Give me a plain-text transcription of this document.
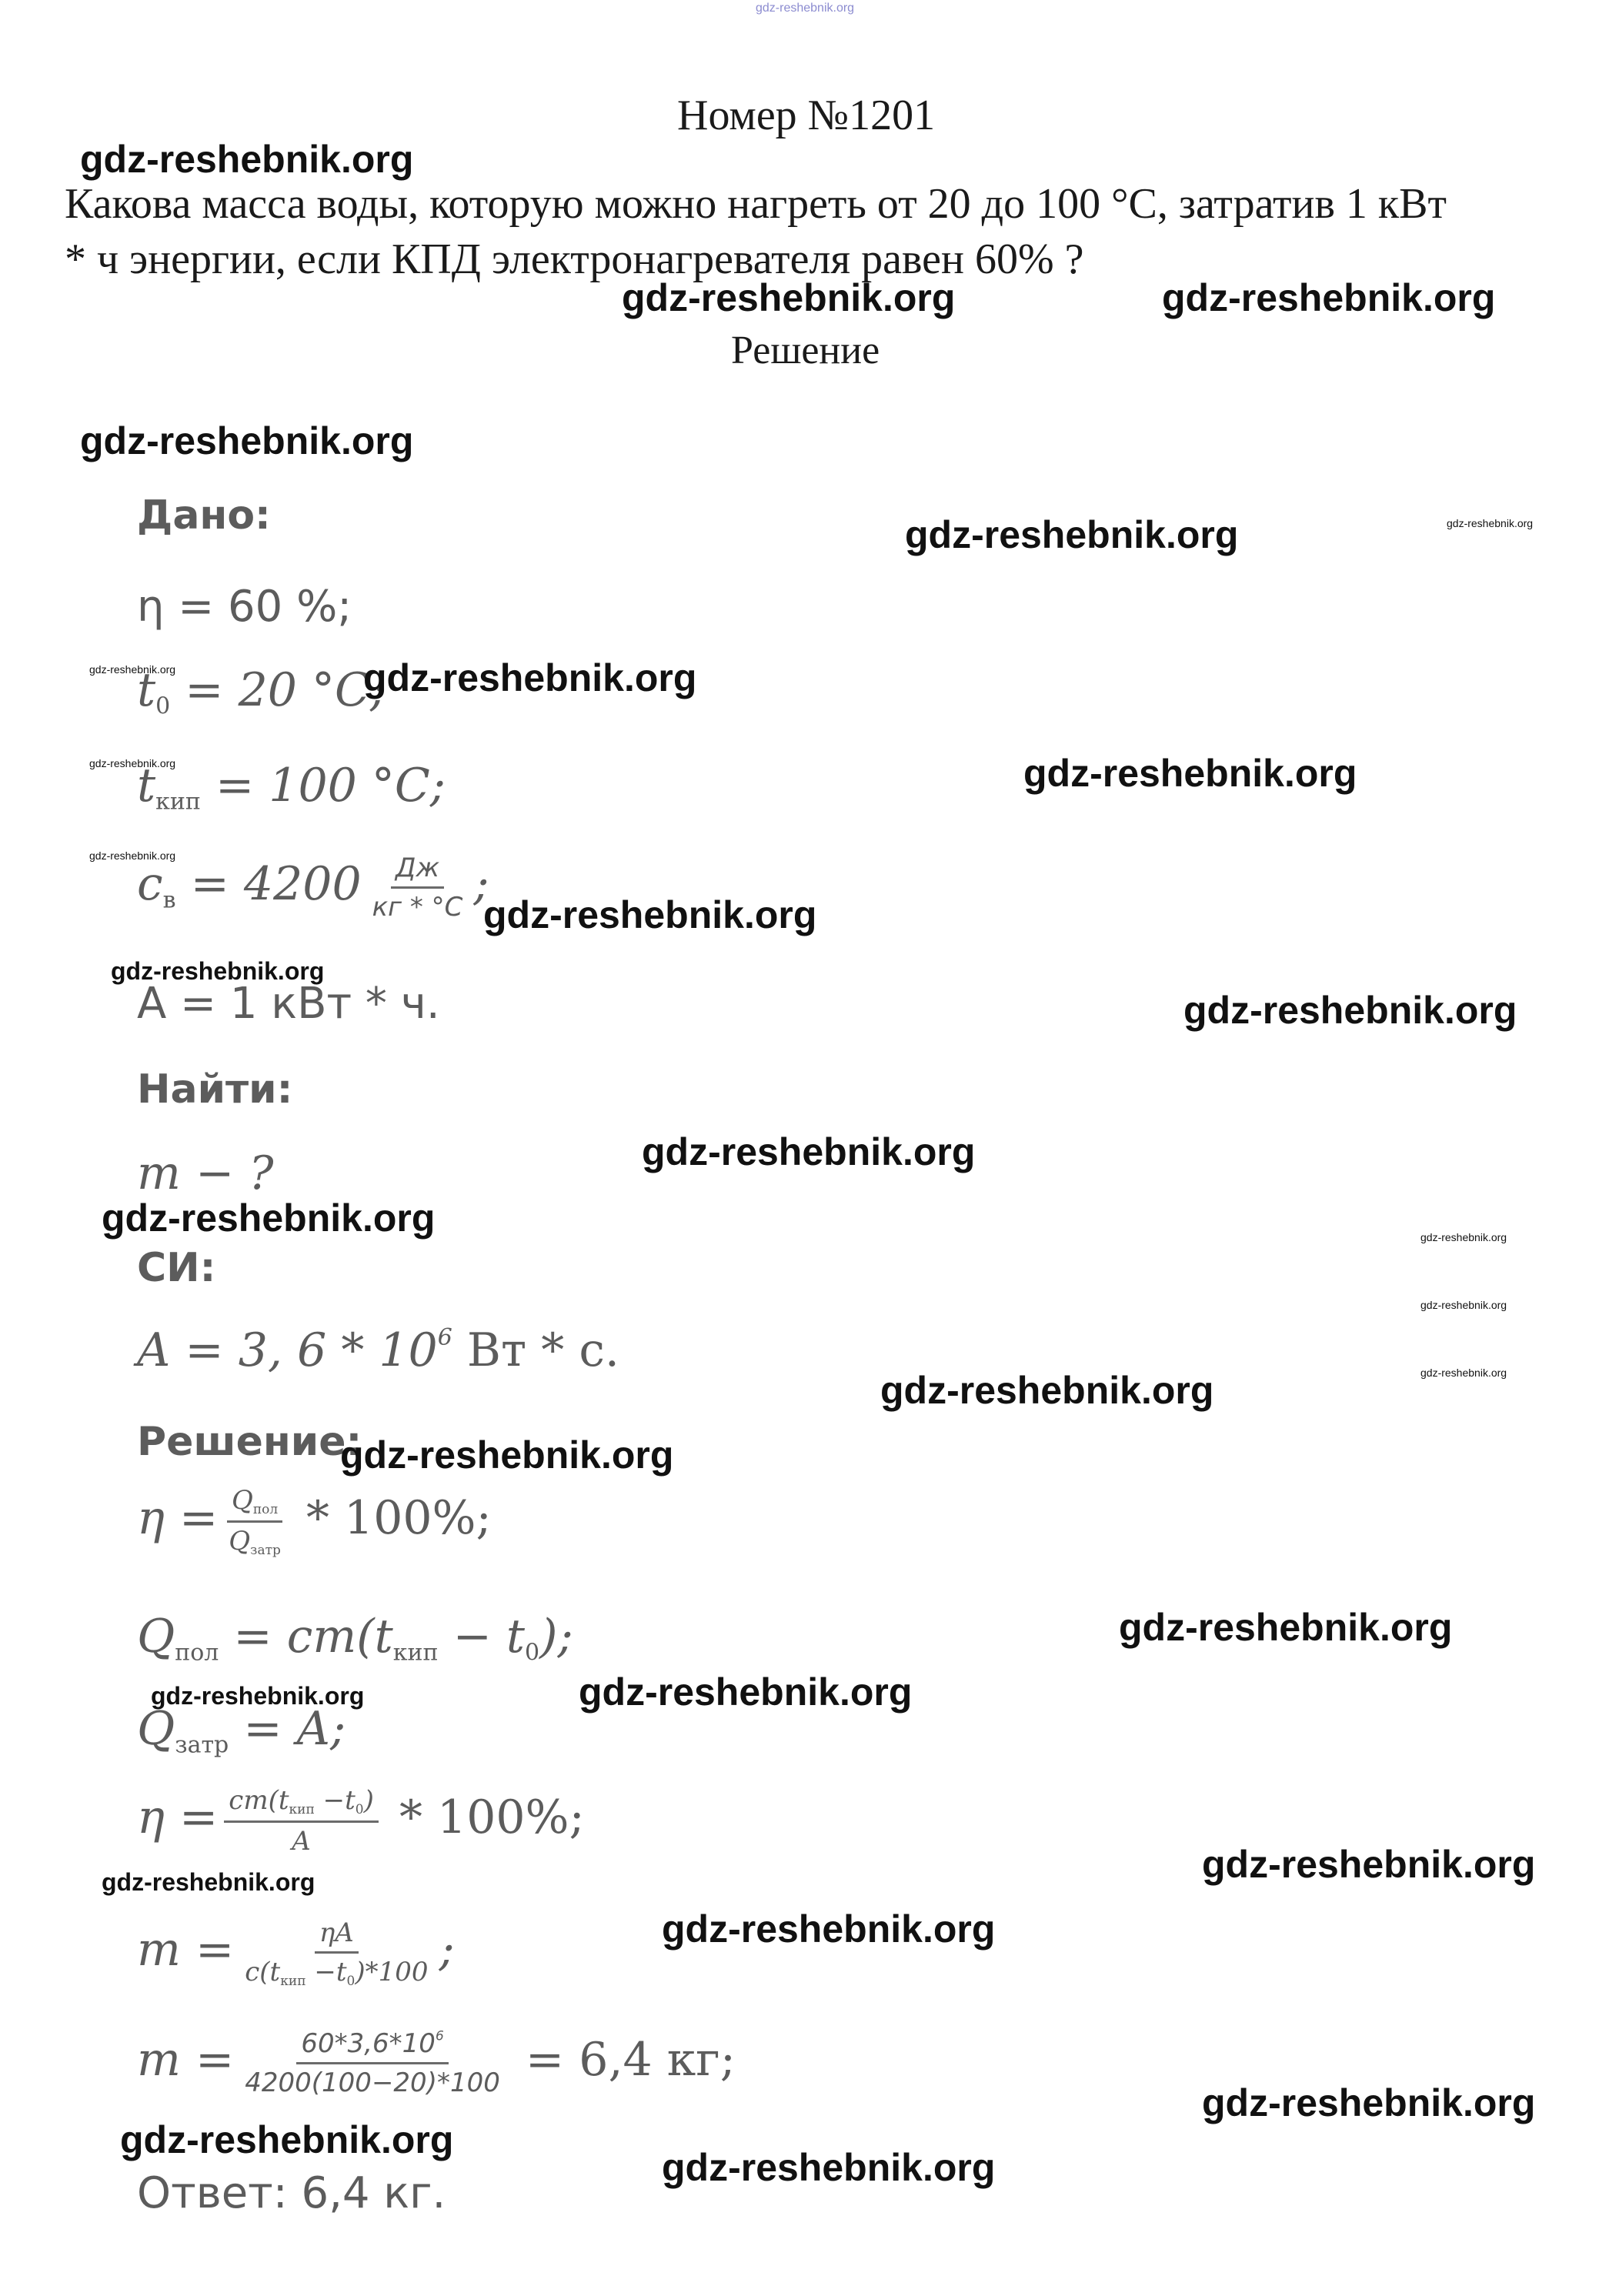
gdz-reshebnik.org
Номер №1201
Какова масса воды, которую можно нагреть от 20 до 100 °С, затратив 1 кВт
* ч энергии, если КПД электронагревателя равен 60% ?
Решение
Дано:
η = 60 %;
$t_0 = 20$ °С;
$t_{кип} = 100$ °С;
$c_в = 4200 \frac{Дж}{кг * ^\circ С}$ ;
А = 1 кВт * ч.
Найти:
m − ?
СИ:
A = 3, $6 * 10^6$ Вт * с.
Решение:
$\eta = \frac{Q_{пол}}{Q_{затр}} * 100\%$;
$Q_{пол} = cm(t_{кип} - t_0)$;
$Q_{затр} = A$;
$\eta = \frac{cm(t_{кип} -t_0)}{A} * 100\%$;
$m = \frac{\eta A}{c(t_{кип} -t_0)*100}$ ;
$m = \frac{60*3,6*10^6}{4200(100-20)*100} = 6,4$ кг;
Ответ: 6,4 кг.
gdz-reshebnik.org
gdz-reshebnik.org	gdz-reshebnik.org
gdz-reshebnik.org
gdz-reshebnik.org
gdz-reshebnik.org
gdz-reshebnik.org
gdz-reshebnik.org
gdz-reshebnik.org
gdz-reshebnik.org
gdz-reshebnik.org
gdz-reshebnik.org
gdz-reshebnik.org
gdz-reshebnik.org
gdz-reshebnik.org
gdz-reshebnik.org
gdz-reshebnik.org
gdz-reshebnik.org
gdz-reshebnik.org
gdz-reshebnik.org
gdz-reshebnik.org
gdz-reshebnik.org
gdz-reshebnik.org
gdz-reshebnik.org
gdz-reshebnik.org
gdz-reshebnik.org
gdz-reshebnik.org
gdz-reshebnik.org
gdz-reshebnik.org
gdz-reshebnik.org
